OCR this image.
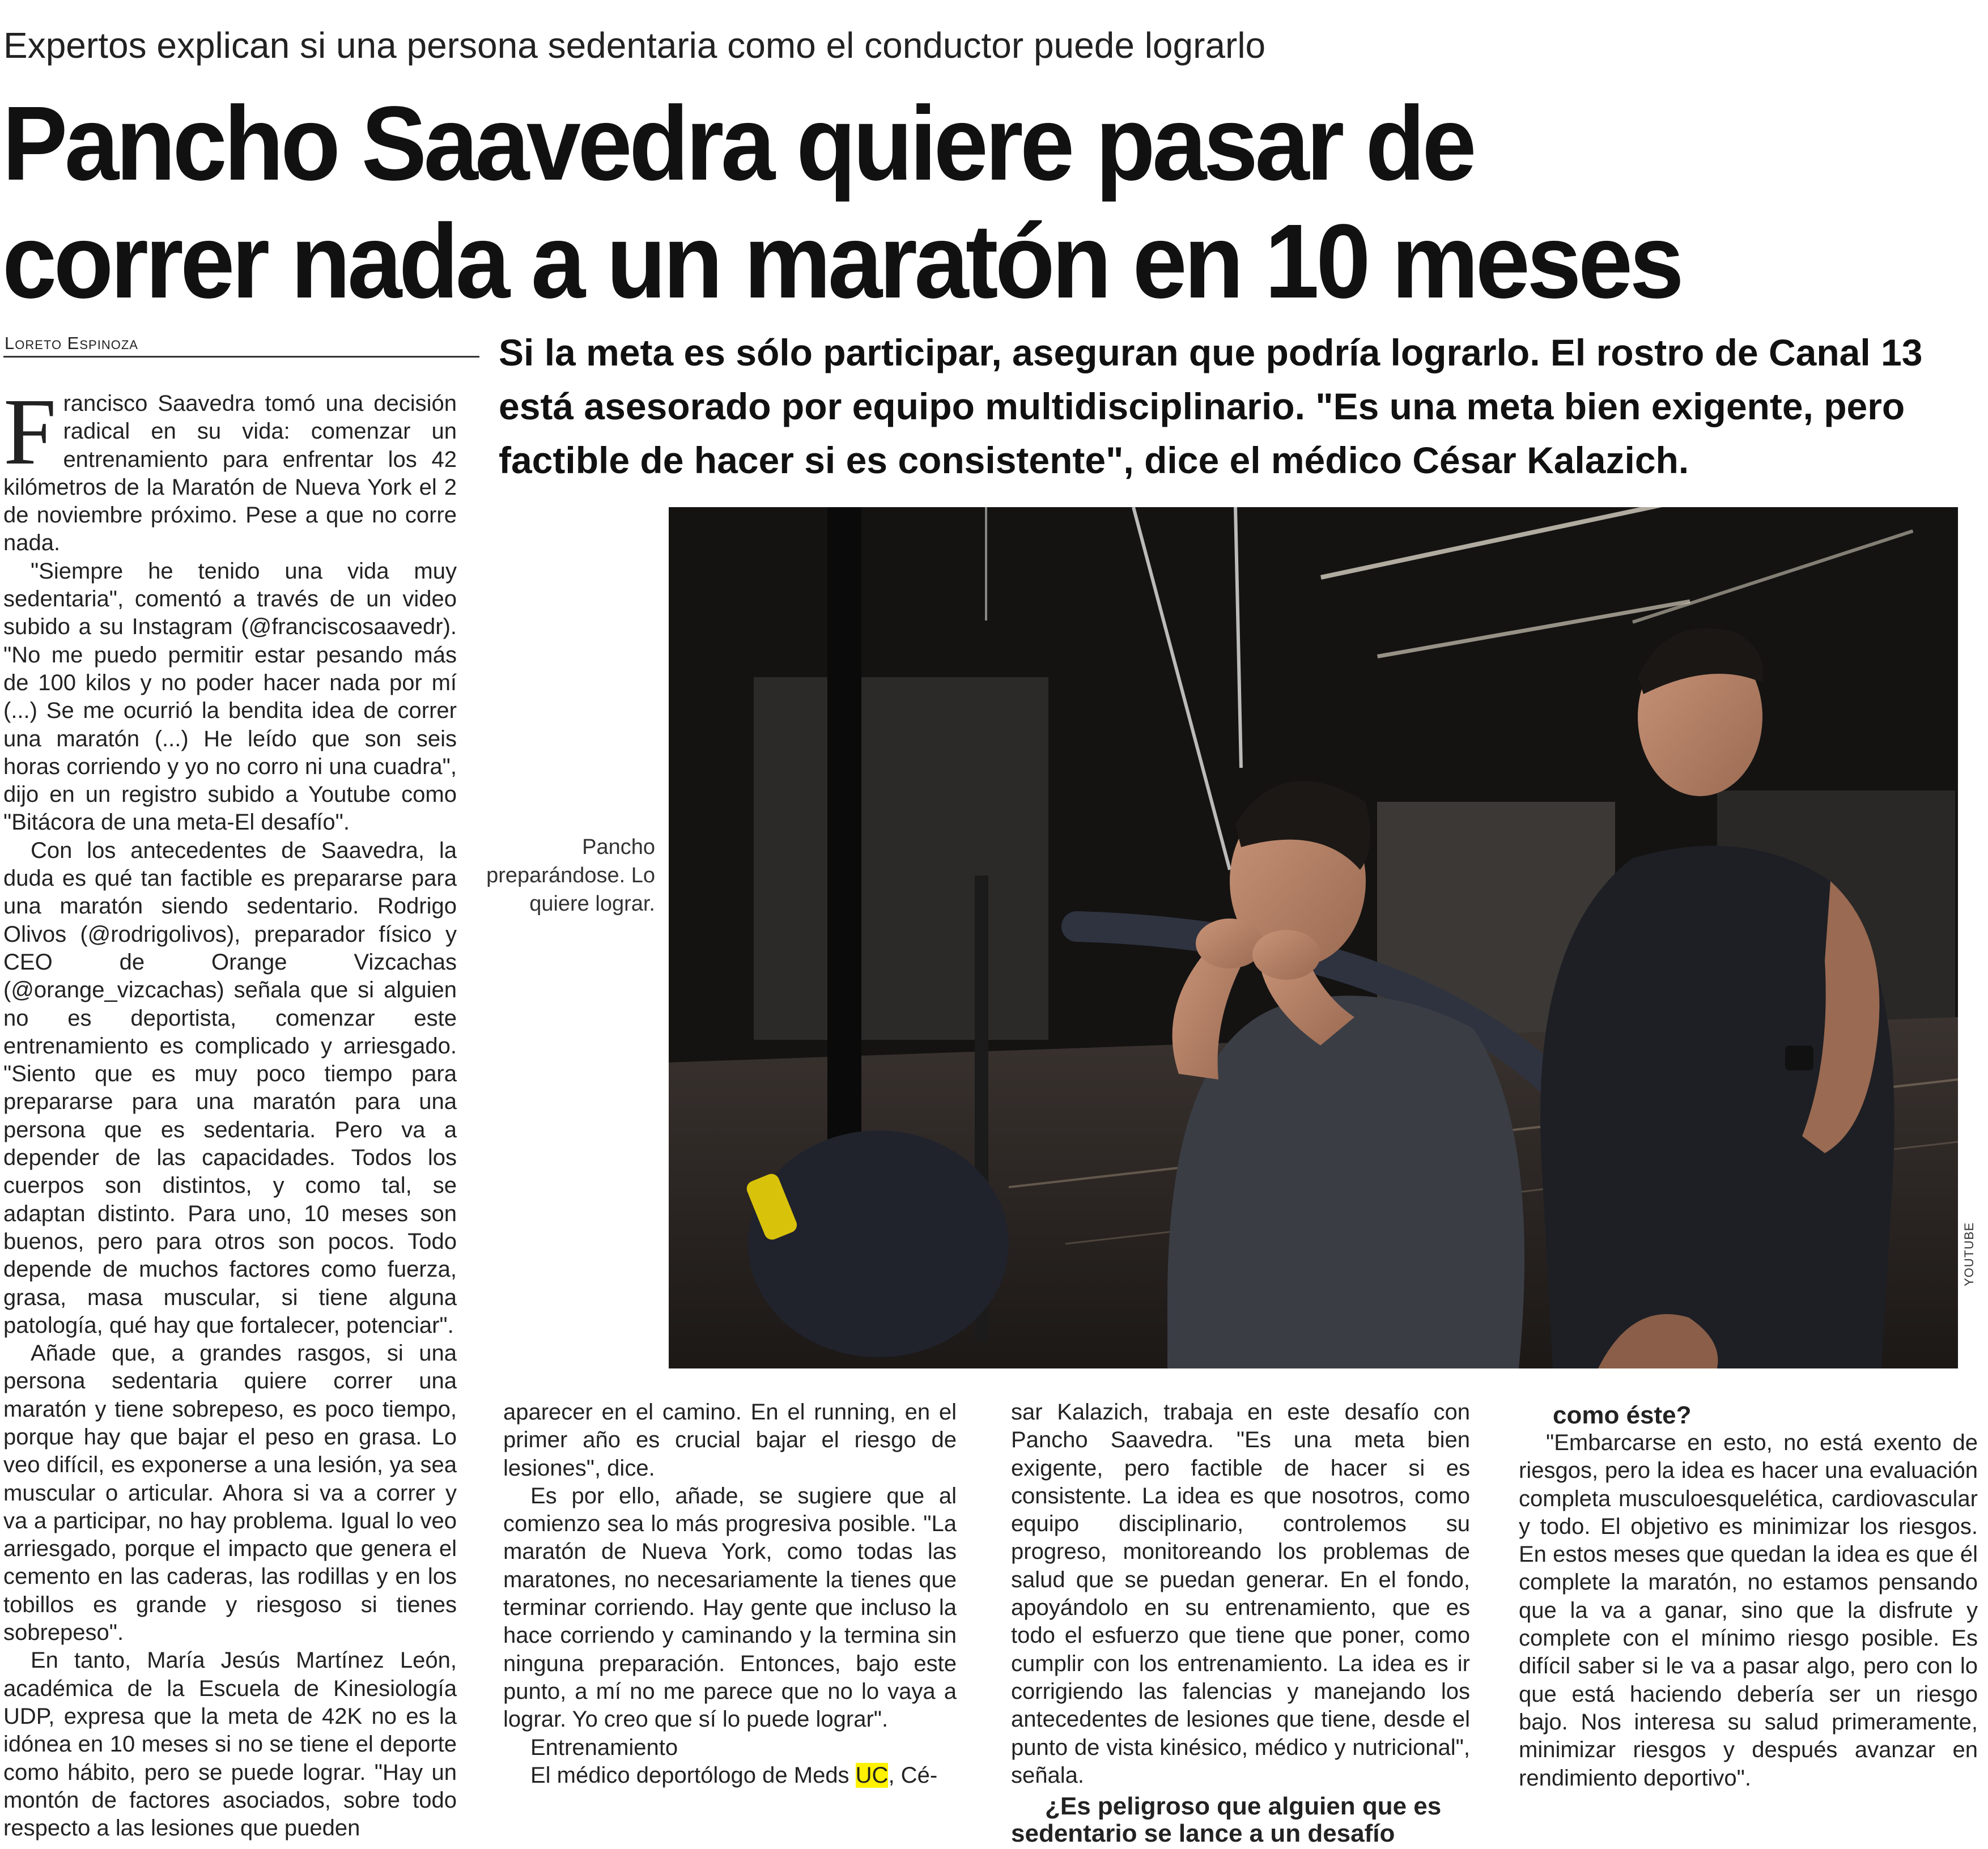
Expertos explican si una persona sedentaria como el conductor puede lograrlo
Pancho Saavedra quiere pasar de
correr nada a un maratón en 10 meses
Loreto Espinoza	Si la meta es sólo participar, aseguran que podría lograrlo. El rostro de Canal 13
está asesorado por equipo multidisciplinario. "Es una meta bien exigente, pero
factible de hacer si es consistente", dice el médico César Kalazich.

Francisco Saavedra tomó una decisión radical en su vida: comenzar un entrenamiento para enfrentar los 42 kilómetros de la Maratón de Nueva York el 2 de noviembre próximo. Pese a que no corre nada.

"Siempre he tenido una vida muy sedentaria", comentó a través de un video subido a su Instagram (@franciscosaavedr). "No me puedo permitir estar pesando más de 100 kilos y no poder hacer nada por mí (...) Se me ocurrió la bendita idea de correr una maratón (...) He leído que son seis horas corriendo y yo no corro ni una cuadra", dijo en un registro subido a Youtube como "Bitácora de una meta-El desafío".

Con los antecedentes de Saavedra, la duda es qué tan factible es prepararse para una maratón siendo sedentario. Rodrigo Olivos (@rodrigolivos), preparador físico y CEO de Orange Vizcachas (@orange_vizcachas) señala que si alguien no es deportista, comenzar este entrenamiento es complicado y arriesgado. "Siento que es muy poco tiempo para prepararse para una maratón para una persona que es sedentaria. Pero va a depender de las capacidades. Todos los cuerpos son distintos, y como tal, se adaptan distinto. Para uno, 10 meses son buenos, pero para otros son pocos. Todo depende de muchos factores como fuerza, grasa, masa muscular, si tiene alguna patología, qué hay que fortalecer, potenciar".

Añade que, a grandes rasgos, si una persona sedentaria quiere correr una maratón y tiene sobrepeso, es poco tiempo, porque hay que bajar el peso en grasa. Lo veo difícil, es exponerse a una lesión, ya sea muscular o articular. Ahora si va a correr y va a participar, no hay problema. Igual lo veo arriesgado, porque el impacto que genera el cemento en las caderas, las rodillas y en los tobillos es grande y riesgoso si tienes sobrepeso".

En tanto, María Jesús Martínez León, académica de la Escuela de Kinesiología UDP, expresa que la meta de 42K no es la idónea en 10 meses si no se tiene el deporte como hábito, pero se puede lograr. "Hay un montón de factores asociados, sobre todo respecto a las lesiones que pueden

Pancho preparándose. Lo quiere lograr.
YOUTUBE

aparecer en el camino. En el running, en el primer año es crucial bajar el riesgo de lesiones", dice.

Es por ello, añade, se sugiere que al comienzo sea lo más progresiva posible. "La maratón de Nueva York, como todas las maratones, no necesariamente la tienes que terminar corriendo. Hay gente que incluso la hace corriendo y caminando y la termina sin ninguna preparación. Entonces, bajo este punto, a mí no me parece que no lo vaya a lograr. Yo creo que sí lo puede lograr".

Entrenamiento

El médico deportólogo de Meds UC, Cé-

sar Kalazich, trabaja en este desafío con Pancho Saavedra. "Es una meta bien exigente, pero factible de hacer si es consistente. La idea es que nosotros, como equipo disciplinario, controlemos su progreso, monitoreando los problemas de salud que se puedan generar. En el fondo, apoyándolo en su entrenamiento, que es todo el esfuerzo que tiene que poner, como cumplir con los entrenamiento. La idea es ir corrigiendo las falencias y manejando los antecedentes de lesiones que tiene, desde el punto de vista kinésico, médico y nutricional", señala.

¿Es peligroso que alguien que es sedentario se lance a un desafío

como éste?

"Embarcarse en esto, no está exento de riesgos, pero la idea es hacer una evaluación completa musculoesquelética, cardiovascular y todo. El objetivo es minimizar los riesgos. En estos meses que quedan la idea es que él complete la maratón, no estamos pensando que la va a ganar, sino que la disfrute y complete con el mínimo riesgo posible. Es difícil saber si le va a pasar algo, pero con lo que está haciendo debería ser un riesgo bajo. Nos interesa su salud primeramente, minimizar riesgos y después avanzar en rendimiento deportivo".
